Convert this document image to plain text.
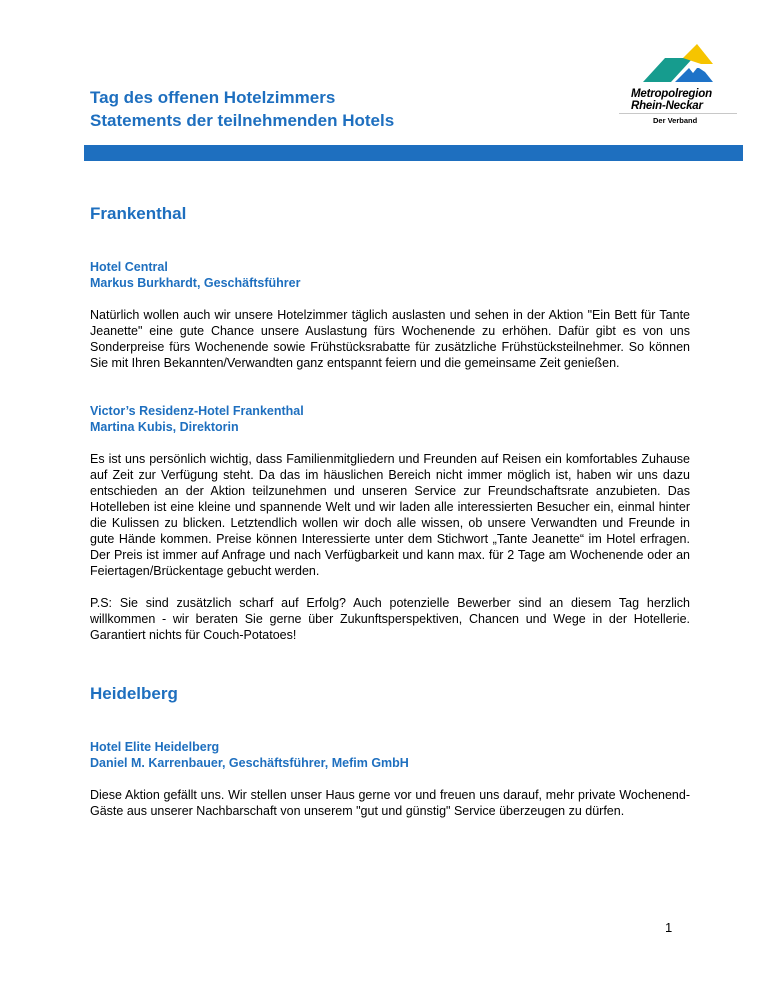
Tag des offenen Hotelzimmers

Statements der teilnehmenden Hotels

Metropolregion
Rhein-Neckar
Der Verband
Frankenthal

Hotel Central

Markus Burkhardt, Geschäftsführer

Natürlich wollen auch wir unsere Hotelzimmer täglich auslasten und sehen in der Aktion "Ein Bett für Tante Jeanette" eine gute Chance unsere Auslastung fürs Wochenende zu erhöhen. Dafür gibt es von uns Sonderpreise fürs Wochenende sowie Frühstücksrabatte für zusätzliche Frühstücksteilnehmer. So können Sie mit Ihren Bekannten/Verwandten ganz entspannt feiern und die gemeinsame Zeit genießen.

Victor’s Residenz-Hotel Frankenthal

Martina Kubis, Direktorin

Es ist uns persönlich wichtig, dass Familienmitgliedern und Freunden auf Reisen ein komfortables Zuhause auf Zeit zur Verfügung steht. Da das im häuslichen Bereich nicht immer möglich ist, haben wir uns dazu entschieden an der Aktion teilzunehmen und unseren Service zur Freundschaftsrate anzubieten. Das Hotelleben ist eine kleine und spannende Welt und wir laden alle interessierten Besucher ein, einmal hinter die Kulissen zu blicken. Letztendlich wollen wir doch alle wissen, ob unsere Verwandten und Freunde in gute Hände kommen. Preise können Interessierte unter dem Stichwort „Tante Jeanette“ im Hotel erfragen. Der Preis ist immer auf Anfrage und nach Verfügbarkeit und kann max. für 2 Tage am Wochenende oder an Feiertagen/Brückentage gebucht werden.

P.S: Sie sind zusätzlich scharf auf Erfolg? Auch potenzielle Bewerber sind an diesem Tag herzlich willkommen - wir beraten Sie gerne über Zukunftsperspektiven, Chancen und Wege in der Hotellerie. Garantiert nichts für Couch-Potatoes!

Heidelberg

Hotel Elite Heidelberg

Daniel M. Karrenbauer, Geschäftsführer, Mefim GmbH

Diese Aktion gefällt uns. Wir stellen unser Haus gerne vor und freuen uns darauf, mehr private Wochenend-Gäste aus unserer Nachbarschaft von unserem "gut und günstig" Service überzeugen zu dürfen.

1
